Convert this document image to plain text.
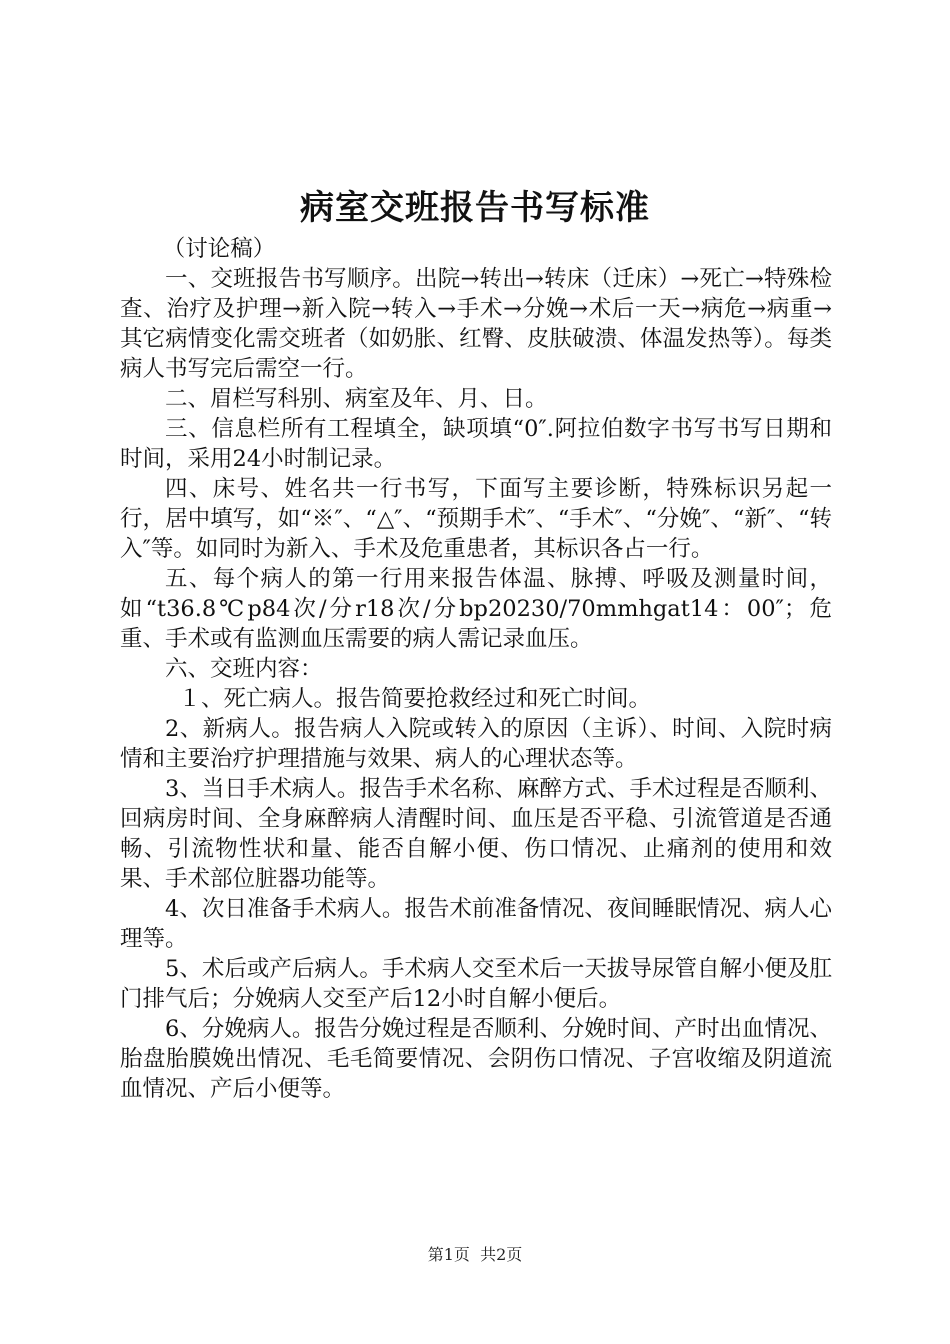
病室交班报告书写标准

（讨论稿）

一、交班报告书写顺序。出院→转出→转床（迁床）→死亡→特殊检查、治疗及护理→新入院→转入→手术→分娩→术后一天→病危→病重→其它病情变化需交班者（如奶胀、红臀、皮肤破溃、体温发热等）。每类病人书写完后需空一行。

二、眉栏写科别、病室及年、月、日。

三、信息栏所有工程填全，缺项填“0″.阿拉伯数字书写书写日期和时间，采用24小时制记录。

四、床号、姓名共一行书写，下面写主要诊断，特殊标识另起一行，居中填写，如“※″、“△″、“预期手术″、“手术″、“分娩″、“新″、“转入″等。如同时为新入、手术及危重患者，其标识各占一行。

五、每个病人的第一行用来报告体温、脉搏、呼吸及测量时间，如“t36.8℃p84次/分r18次/分bp20230/70mmhgat14：00″；危重、手术或有监测血压需要的病人需记录血压。

六、交班内容：

１、死亡病人。报告简要抢救经过和死亡时间。

2、新病人。报告病人入院或转入的原因（主诉）、时间、入院时病情和主要治疗护理措施与效果、病人的心理状态等。

3、当日手术病人。报告手术名称、麻醉方式、手术过程是否顺利、回病房时间、全身麻醉病人清醒时间、血压是否平稳、引流管道是否通畅、引流物性状和量、能否自解小便、伤口情况、止痛剂的使用和效果、手术部位脏器功能等。

4、次日准备手术病人。报告术前准备情况、夜间睡眠情况、病人心理等。

5、术后或产后病人。手术病人交至术后一天拔导尿管自解小便及肛门排气后；分娩病人交至产后12小时自解小便后。

6、分娩病人。报告分娩过程是否顺利、分娩时间、产时出血情况、胎盘胎膜娩出情况、毛毛简要情况、会阴伤口情况、子宫收缩及阴道流血情况、产后小便等。

第1页  共2页
